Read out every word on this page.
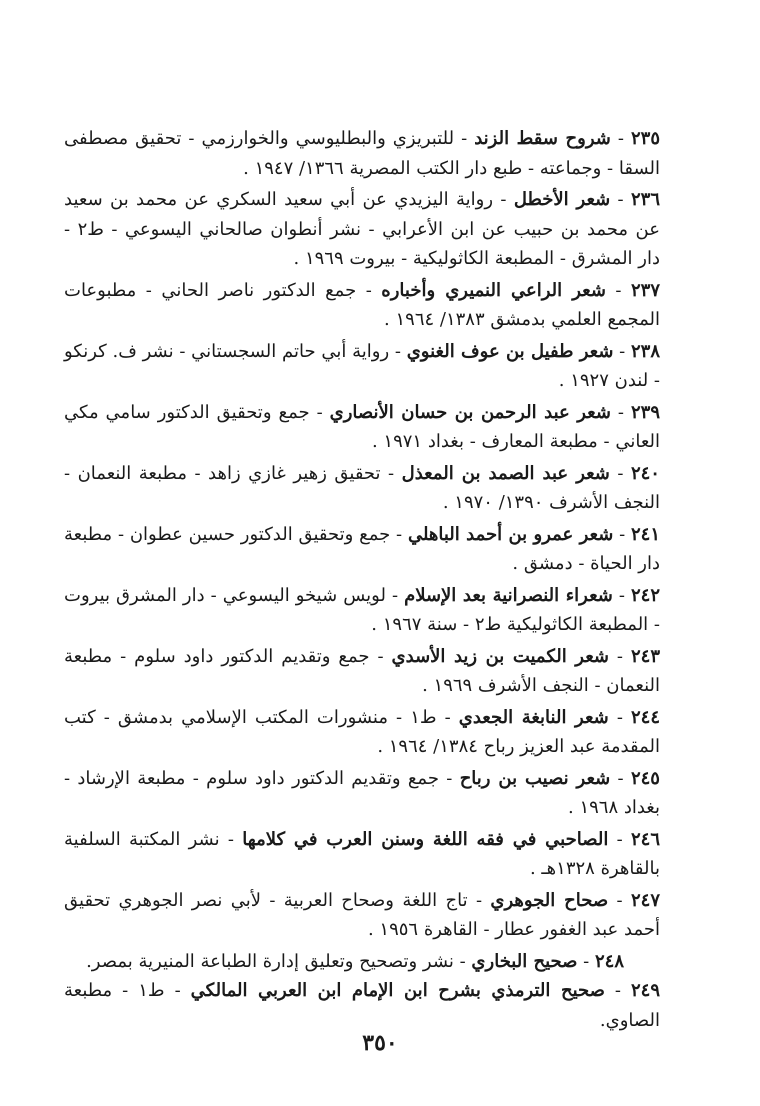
٢٣٥ - شروح سقط الزند - للتبريزي والبطليوسي والخوارزمي - تحقيق مصطفى السقا - وجماعته - طبع دار الكتب المصرية ١٣٦٦/ ١٩٤٧ .

٢٣٦ - شعر الأخطل - رواية اليزيدي عن أبي سعيد السكري عن محمد بن سعيد عن محمد بن حبيب عن ابن الأعرابي - نشر أنطوان صالحاني اليسوعي - ط٢ - دار المشرق - المطبعة الكاثوليكية - بيروت ١٩٦٩ .

٢٣٧ - شعر الراعي النميري وأخباره - جمع الدكتور ناصر الحاني - مطبوعات المجمع العلمي بدمشق ١٣٨٣/ ١٩٦٤ .

٢٣٨ - شعر طفيل بن عوف الغنوي - رواية أبي حاتم السجستاني - نشر ف. كرنكو - لندن ١٩٢٧ .

٢٣٩ - شعر عبد الرحمن بن حسان الأنصاري - جمع وتحقيق الدكتور سامي مكي العاني - مطبعة المعارف - بغداد ١٩٧١ .

٢٤٠ - شعر عبد الصمد بن المعذل - تحقيق زهير غازي زاهد - مطبعة النعمان - النجف الأشرف ١٣٩٠/ ١٩٧٠ .

٢٤١ - شعر عمرو بن أحمد الباهلي - جمع وتحقيق الدكتور حسين عطوان - مطبعة دار الحياة - دمشق .

٢٤٢ - شعراء النصرانية بعد الإسلام - لويس شيخو اليسوعي - دار المشرق بيروت - المطبعة الكاثوليكية ط٢ - سنة ١٩٦٧ .

٢٤٣ - شعر الكميت بن زيد الأسدي - جمع وتقديم الدكتور داود سلوم - مطبعة النعمان - النجف الأشرف ١٩٦٩ .

٢٤٤ - شعر النابغة الجعدي - ط١ - منشورات المكتب الإسلامي بدمشق - كتب المقدمة عبد العزيز رباح ١٣٨٤/ ١٩٦٤ .

٢٤٥ - شعر نصيب بن رباح - جمع وتقديم الدكتور داود سلوم - مطبعة الإرشاد - بغداد ١٩٦٨ .

٢٤٦ - الصاحبي في فقه اللغة وسنن العرب في كلامها - نشر المكتبة السلفية بالقاهرة ١٣٢٨هـ .

٢٤٧ - صحاح الجوهري - تاج اللغة وصحاح العربية - لأبي نصر الجوهري تحقيق أحمد عبد الغفور عطار - القاهرة ١٩٥٦ .

٢٤٨ - صحيح البخاري - نشر وتصحيح وتعليق إدارة الطباعة المنيرية بمصر.

٢٤٩ - صحيح الترمذي بشرح ابن الإمام ابن العربي المالكي - ط١ - مطبعة الصاوي.

٣٥٠
